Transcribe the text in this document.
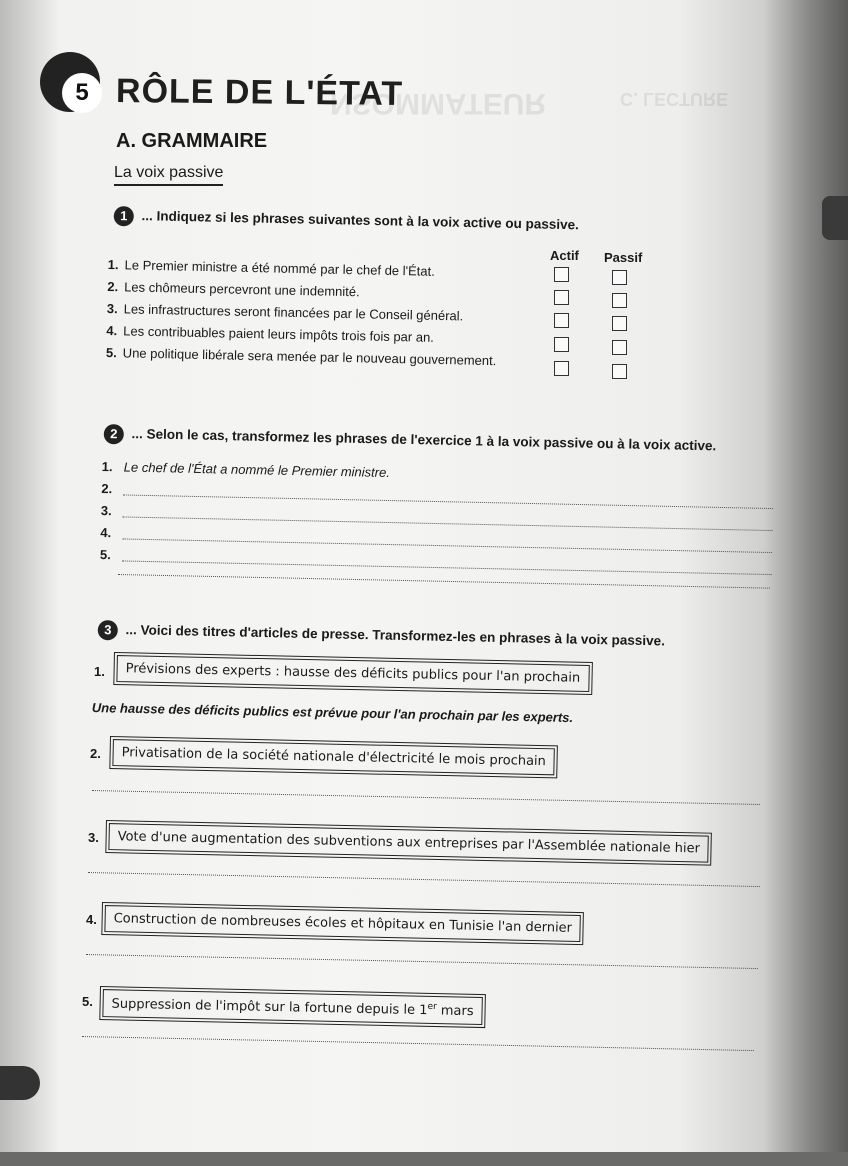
NSOMMATEUR	C. LECTURE
5 RÔLE DE L'ÉTAT
A. GRAMMAIRE
La voix passive
1 ... Indiquez si les phrases suivantes sont à la voix active ou passive.
Actif Passif
1. Le Premier ministre a été nommé par le chef de l'État.
2. Les chômeurs percevront une indemnité.
3. Les infrastructures seront financées par le Conseil général.
4. Les contribuables paient leurs impôts trois fois par an.
5. Une politique libérale sera menée par le nouveau gouvernement.
2 ... Selon le cas, transformez les phrases de l'exercice 1 à la voix passive ou à la voix active.
1. Le chef de l'État a nommé le Premier ministre.
2.
3.
4.
5.
3 ... Voici des titres d'articles de presse. Transformez-les en phrases à la voix passive.
1.	Prévisions des experts : hausse des déficits publics pour l'an prochain
Une hausse des déficits publics est prévue pour l'an prochain par les experts.
2.	Privatisation de la société nationale d'électricité le mois prochain
3.	Vote d'une augmentation des subventions aux entreprises par l'Assemblée nationale hier
4.	Construction de nombreuses écoles et hôpitaux en Tunisie l'an dernier
5.	Suppression de l'impôt sur la fortune depuis le 1er mars
